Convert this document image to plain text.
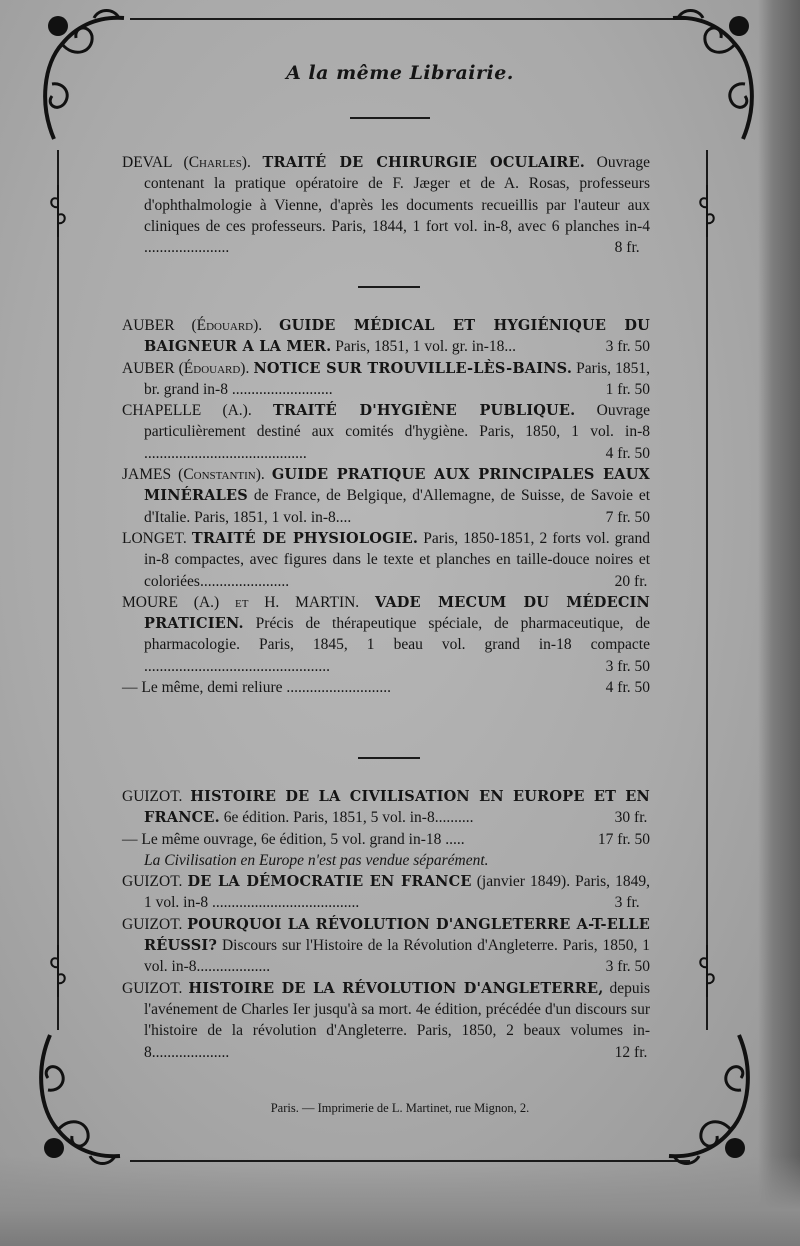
A la même Librairie.
DEVAL (Charles). TRAITÉ DE CHIRURGIE OCULAIRE. Ouvrage contenant la pratique opératoire de F. Jæger et de A. Rosas, professeurs d'ophthalmologie à Vienne, d'après les documents recueillis par l'auteur aux cliniques de ces professeurs. Paris, 1844, 1 fort vol. in-8, avec 6 planches in-4 ......................	8 fr.
AUBER (Édouard). GUIDE MÉDICAL ET HYGIÉNIQUE DU BAIGNEUR A LA MER. Paris, 1851, 1 vol. gr. in-18...	3 fr. 50
AUBER (Édouard). NOTICE SUR TROUVILLE-LÈS-BAINS. Paris, 1851, br. grand in-8 ..........................	1 fr. 50
CHAPELLE (A.). TRAITÉ D'HYGIÈNE PUBLIQUE. Ouvrage particulièrement destiné aux comités d'hygiène. Paris, 1850, 1 vol. in-8 ..........................................	4 fr. 50
JAMES (Constantin). GUIDE PRATIQUE AUX PRINCIPALES EAUX MINÉRALES de France, de Belgique, d'Allemagne, de Suisse, de Savoie et d'Italie. Paris, 1851, 1 vol. in-8....	7 fr. 50
LONGET. TRAITÉ DE PHYSIOLOGIE. Paris, 1850-1851, 2 forts vol. grand in-8 compactes, avec figures dans le texte et planches en taille-douce noires et coloriées.......................	20 fr.
MOURE (A.) et H. MARTIN. VADE MECUM DU MÉDECIN PRATICIEN. Précis de thérapeutique spéciale, de pharmaceutique, de pharmacologie. Paris, 1845, 1 beau vol. grand in-18 compacte ................................................	3 fr. 50
— Le même, demi reliure ...........................	4 fr. 50
GUIZOT. HISTOIRE DE LA CIVILISATION EN EUROPE ET EN FRANCE. 6e édition. Paris, 1851, 5 vol. in-8..........	30 fr.
— Le même ouvrage, 6e édition, 5 vol. grand in-18 .....	17 fr. 50
La Civilisation en Europe n'est pas vendue séparément.
GUIZOT. DE LA DÉMOCRATIE EN FRANCE (janvier 1849). Paris, 1849, 1 vol. in-8 ......................................	3 fr.
GUIZOT. POURQUOI LA RÉVOLUTION D'ANGLETERRE A-T-ELLE RÉUSSI? Discours sur l'Histoire de la Révolution d'Angleterre. Paris, 1850, 1 vol. in-8...................	3 fr. 50
GUIZOT. HISTOIRE DE LA RÉVOLUTION D'ANGLETERRE, depuis l'avénement de Charles Ier jusqu'à sa mort. 4e édition, précédée d'un discours sur l'histoire de la révolution d'Angleterre. Paris, 1850, 2 beaux volumes in-8....................	12 fr.
Paris. — Imprimerie de L. Martinet, rue Mignon, 2.
